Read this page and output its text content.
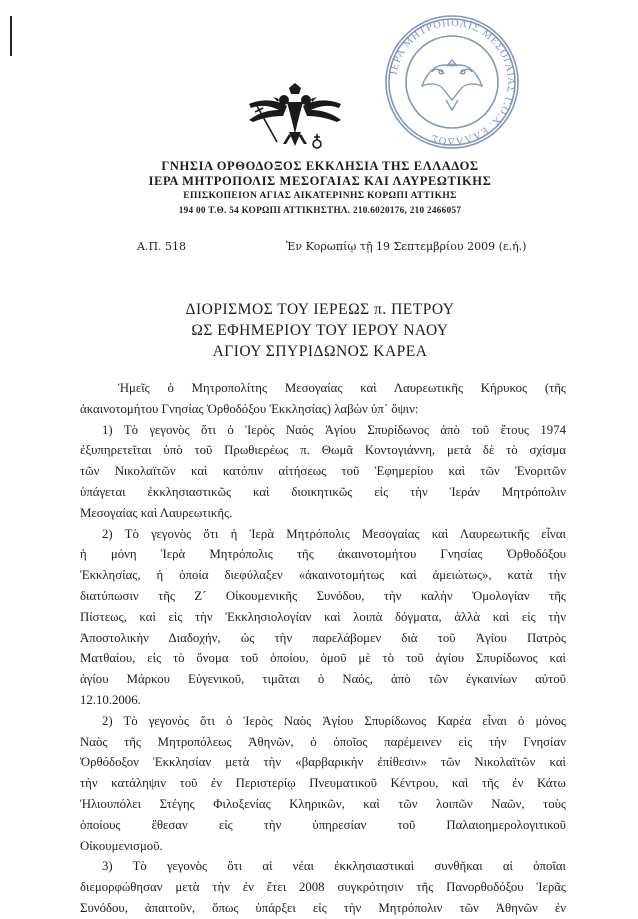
ΙΕΡΑ ΜΗΤΡΟΠΟΛΙΣ ΜΕΣΟΓΑΙΑΣ Γ.Ο.Χ. ΕΛΛΑΔΟΣ
ΓΝΗΣΙΑ ΟΡΘΟΔΟΞΟΣ ΕΚΚΛΗΣΙΑ ΤΗΣ ΕΛΛΑΔΟΣ
ΙΕΡΑ ΜΗΤΡΟΠΟΛΙΣ ΜΕΣΟΓΑΙΑΣ ΚΑΙ ΛΑΥΡΕΩΤΙΚΗΣ
ΕΠΙΣΚΟΠΕΙΟΝ ΑΓΙΑΣ ΑΙΚΑΤΕΡΙΝΗΣ ΚΟΡΩΠΙ ΑΤΤΙΚΗΣ
194 00 Τ.Θ. 54 ΚΟΡΩΠΙ ΑΤΤΙΚΗΣΤΗΛ. 210.6020176, 210 2466057
Α.Π. 518	Ἐν Κορωπίῳ τῇ 19 Σεπτεμβρίου 2009 (ε.ή.)
ΔΙΟΡΙΣΜΟΣ ΤΟΥ ΙΕΡΕΩΣ π. ΠΕΤΡΟΥ
ΩΣ ΕΦΗΜΕΡΙΟΥ ΤΟΥ ΙΕΡΟΥ ΝΑΟΥ
ΑΓΙΟΥ ΣΠΥΡΙΔΩΝΟΣ ΚΑΡΕΑ
Ἡμεῖς ὁ Μητροπολίτης Μεσογαίας καὶ Λαυρεωτικῆς Κήρυκος (τῆς
ἀκαινοτομήτου Γνησίας Ὀρθοδόξου Ἐκκλησίας) λαβὼν ὑπ᾽ ὄψιν:
1) Τὸ γεγονὸς ὅτι ὁ Ἱερὸς Ναὸς Ἁγίου Σπυρίδωνος ἀπὸ τοῦ ἔτους 1974
ἐξυπηρετεῖται ὑπὸ τοῦ Πρωθιερέως π. Θωμᾶ Κοντογιάννη, μετὰ δὲ τὸ σχίσμα
τῶν Νικολαϊτῶν καὶ κατόπιν αἰτήσεως τοῦ Ἐφημερίου καὶ τῶν Ἐνοριτῶν
ὑπάγεται ἐκκλησιαστικῶς καὶ διοικητικῶς εἰς τὴν Ἱεράν Μητρόπολιν
Μεσογαίας καὶ Λαυρεωτικῆς.
2) Τὸ γεγονὸς ὅτι ἡ Ἱερὰ Μητρόπολις Μεσογαίας καὶ Λαυρεωτικῆς εἶναι
ἡ μόνη Ἱερὰ Μητρόπολις τῆς ἀκαινοτομήτου Γνησίας Ὀρθοδόξου
Ἐκκλησίας, ἡ ὁποία διεφύλαξεν «ἀκαινοτομήτως καὶ ἀμειώτως», κατὰ τὴν
διατύπωσιν τῆς Ζ´ Οἰκουμενικῆς Συνόδου, τὴν καλὴν Ὁμολογίαν τῆς
Πίστεως, καὶ εἰς τὴν Ἐκκλησιολογίαν καὶ λοιπὰ δόγματα, ἀλλὰ καὶ εἰς τὴν
Ἀποστολικὴν Διαδοχήν, ὡς τὴν παρελάβομεν διὰ τοῦ Ἁγίου Πατρὸς
Ματθαίου, εἰς τὸ ὄνομα τοῦ ὁποίου, ὁμοῦ μὲ τὸ τοῦ ἁγίου Σπυρίδωνος καὶ
ἁγίου Μάρκου Εὐγενικοῦ, τιμᾶται ὁ Ναός, ἀπὸ τῶν ἐγκαινίων αὐτοῦ
12.10.2006.
2) Τὸ γεγονὸς ὅτι ὁ Ἱερὸς Ναὸς Ἁγίου Σπυρίδωνος Καρέα εἶναι ὁ μόνος
Ναὸς τῆς Μητροπόλεως Ἀθηνῶν, ὁ ὁποῖος παρέμεινεν εἰς τὴν Γνησίαν
Ὀρθόδοξον Ἐκκλησίαν μετὰ τὴν «βαρβαρικὴν ἐπίθεσιν» τῶν Νικολαϊτῶν καὶ
τὴν κατάληψιν τοῦ ἐν Περιστερίῳ Πνευματικοῦ Κέντρου, καὶ τῆς ἐν Κάτω
Ἡλιουπόλει Στέγης Φιλοξενίας Κληρικῶν, καὶ τῶν λοιπῶν Ναῶν, τοὺς
ὁποίους ἔθεσαν εἰς τὴν ὑπηρεσίαν τοῦ Παλαιοημερολογιτικοῦ
Οἰκουμενισμοῦ.
3) Τὸ γεγονὸς ὅτι αἱ νέαι ἐκκλησιαστικαὶ συνθῆκαι αἱ ὁποῖαι
διεμορφώθησαν μετὰ τὴν ἐν ἔτει 2008 συγκρότησιν τῆς Πανορθοδόξου Ἱερᾶς
Συνόδου, ἀπαιτοῦν, ὅπως ὑπάρξει εἰς τὴν Μητρόπολιν τῶν Ἀθηνῶν ἐν
